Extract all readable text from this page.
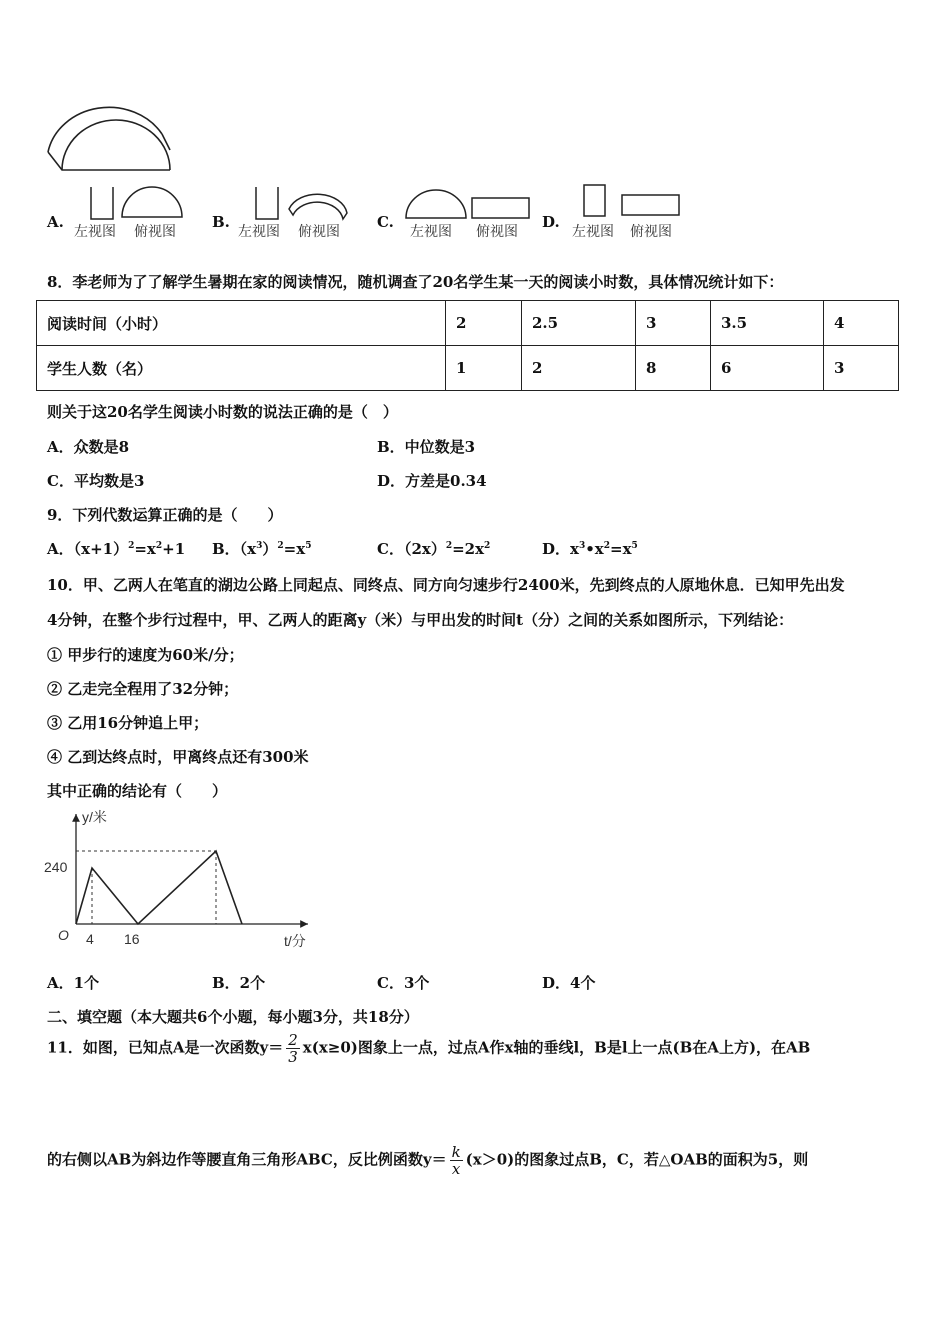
A.
左视图 俯视图
B.
左视图 俯视图
C.
左视图 俯视图
D.
左视图 俯视图
8．李老师为了了解学生暑期在家的阅读情况，随机调查了20名学生某一天的阅读小时数，具体情况统计如下：
阅读时间（小时）	2	2.5	3	3.5	4
学生人数（名）	1	2	8	6	3
则关于这20名学生阅读小时数的说法正确的是（　）
A．众数是8	B．中位数是3
C．平均数是3	D．方差是0.34
9．下列代数运算正确的是（　　）
A．$(x+1)^2=x^2+1$ B．$(x^3)^2=x^5$	C．$(2x)^2=2x^2$	D．$x^3•x^2=x^5$
10．甲、乙两人在笔直的湖边公路上同起点、同终点、同方向匀速步行2400米，先到终点的人原地休息．已知甲先出发
4分钟，在整个步行过程中，甲、乙两人的距离y（米）与甲出发的时间t（分）之间的关系如图所示，下列结论：
① 甲步行的速度为60米/分；
② 乙走完全程用了32分钟；
③ 乙用16分钟追上甲；
④ 乙到达终点时，甲离终点还有300米
其中正确的结论有（　　）
y/米
t/分
O
240
4 16
A．1个	B．2个	C．3个	D．4个
二、填空题（本大题共6个小题，每小题3分，共18分）
11．如图，已知点A是一次函数$y= \frac{2}{3} x(x\ge 0)$图象上一点，过点A作x轴的垂线l，B是l上一点(B在A上方)，在AB
的右侧以AB为斜边作等腰直角三角形ABC，反比例函数$y= \frac{k}{x} (x>0)$的图象过点B，C，若△OAB的面积为5，则
